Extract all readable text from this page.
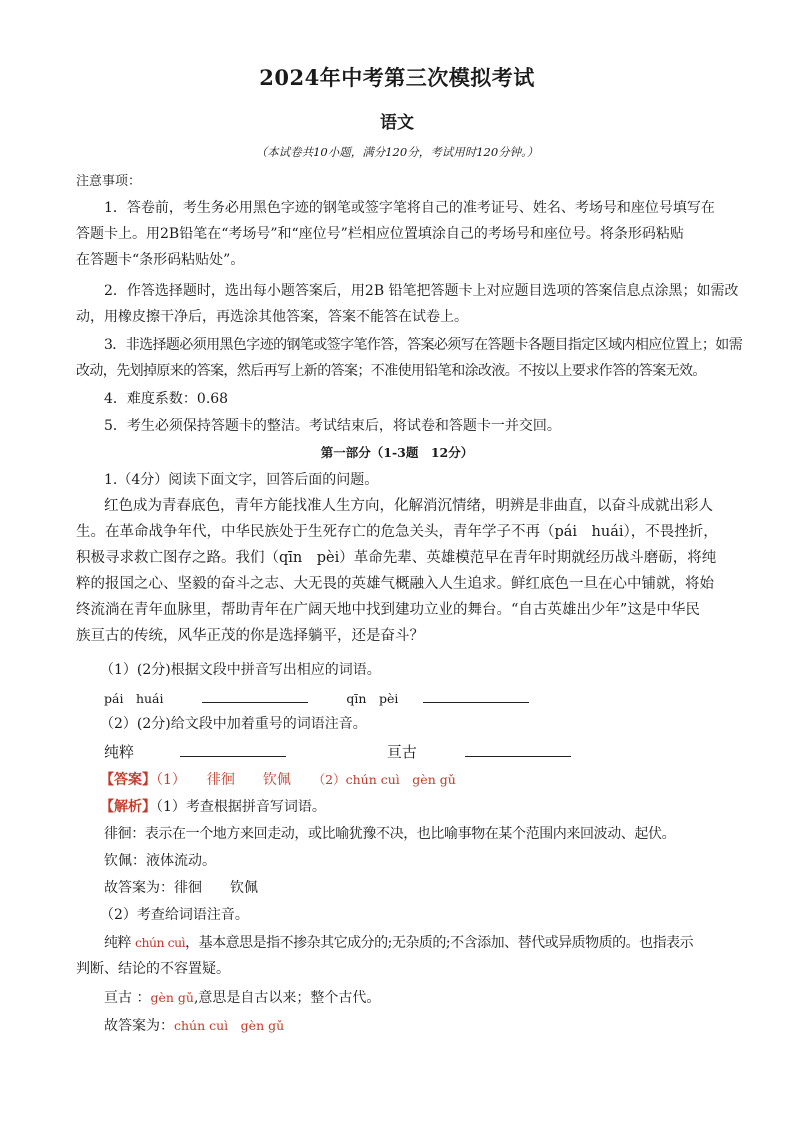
2024年中考第三次模拟考试
语文
（本试卷共10小题，满分120分，考试用时120分钟。）
注意事项：
1．答卷前，考生务必用黑色字迹的钢笔或签字笔将自己的准考证号、姓名、考场号和座位号填写在
答题卡上。用2B铅笔在“考场号”和“座位号”栏相应位置填涂自己的考场号和座位号。将条形码粘贴
在答题卡“条形码粘贴处”。
2．作答选择题时，选出每小题答案后，用2B 铅笔把答题卡上对应题目选项的答案信息点涂黑；如需改
动，用橡皮擦干净后，再选涂其他答案，答案不能答在试卷上。
3．非选择题必须用黑色字迹的钢笔或签字笔作答，答案必须写在答题卡各题目指定区域内相应位置上；如需
改动，先划掉原来的答案，然后再写上新的答案；不准使用铅笔和涂改液。不按以上要求作答的答案无效。
4．难度系数：0.68
5．考生必须保持答题卡的整洁。考试结束后，将试卷和答题卡一并交回。
第一部分（1-3题　12分）
1.（4分）阅读下面文字，回答后面的问题。
红色成为青春底色，青年方能找准人生方向，化解消沉情绪，明辨是非曲直，以奋斗成就出彩人
生。在革命战争年代，中华民族处于生死存亡的危急关头，青年学子不再（pái　huái），不畏挫折，
积极寻求救亡图存之路。我们（qīn　pèi）革命先辈、英雄模范早在青年时期就经历战斗磨砺，将纯
粹的报国之心、坚毅的奋斗之志、大无畏的英雄气概融入人生追求。鲜红底色一旦在心中铺就，将始
终流淌在青年血脉里，帮助青年在广阔天地中找到建功立业的舞台。“自古英雄出少年”这是中华民
族亘古的传统，风华正茂的你是选择躺平，还是奋斗？
（1）(2分)根据文段中拼音写出相应的词语。
pái　huái	qīn　pèi
（2）(2分)给文段中加着重号的词语注音。
纯粹	亘古
【答案】（1）　　徘徊　　钦佩　　（2）chún cuì　gèn gǔ
【解析】（1）考查根据拼音写词语。
徘徊：表示在一个地方来回走动，或比喻犹豫不决，也比喻事物在某个范围内来回波动、起伏。
钦佩：液体流动。
故答案为：徘徊　　钦佩
（2）考查给词语注音。
纯粹 chún cuì，基本意思是指不掺杂其它成分的;无杂质的;不含添加、替代或异质物质的。也指表示
判断、结论的不容置疑。
亘古 ：gèn gǔ,意思是自古以来；整个古代。
故答案为：chún cuì　gèn gǔ
